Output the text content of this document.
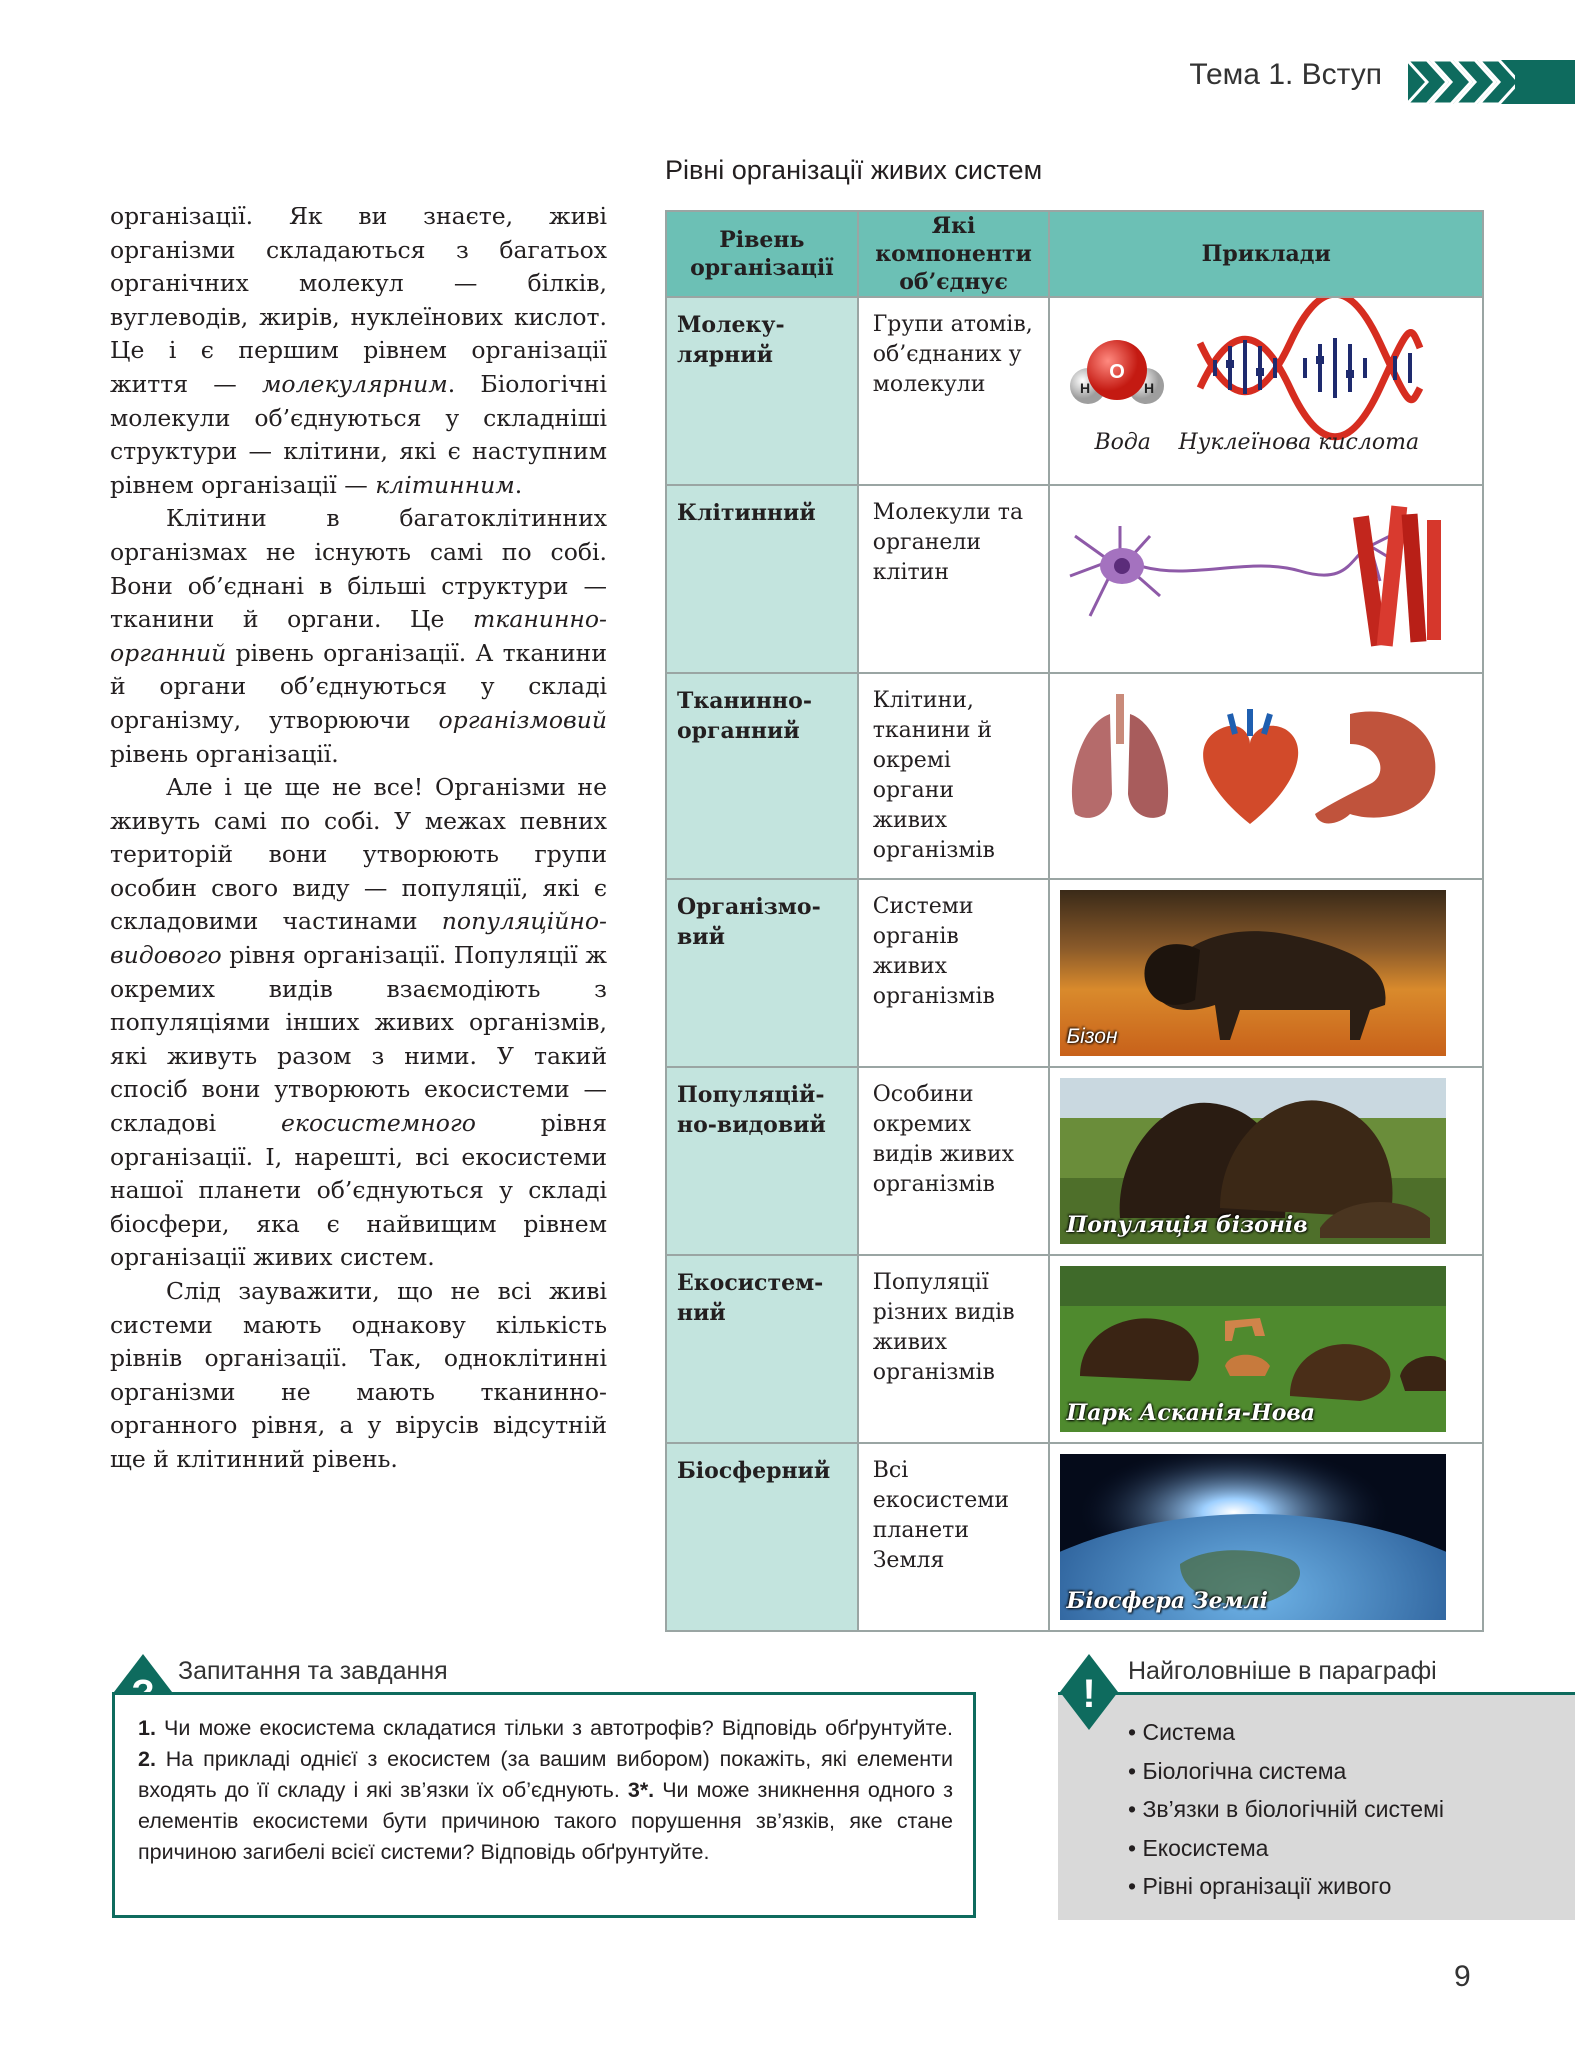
Тема 1. Вступ

організації. Як ви знаєте, живі організми складаються з багатьох органічних молекул — білків, вуглеводів, жирів, нуклеїнових кислот. Це і є першим рівнем організації життя — молекулярним. Біологічні молекули об’єднуються у складніші структури — клітини, які є наступним рівнем організації — клітинним.

Клітини в багатоклітинних організмах не існують самі по собі. Вони об’єднані в більші структури — тканини й органи. Це тканинно-органний рівень організації. А тканини й органи об’єднуються у складі організму, утворюючи організмовий рівень організації.

Але і це ще не все! Організми не живуть самі по собі. У межах певних територій вони утворюють групи особин свого виду — популяції, які є складовими частинами популяційно-видового рівня організації. Популяції ж окремих видів взаємодіють з популяціями інших живих організмів, які живуть разом з ними. У такий спосіб вони утворюють екосистеми — складові екосистемного рівня організації. І, нарешті, всі екосистеми нашої планети об’єднуються у складі біосфери, яка є найвищим рівнем організації живих систем.

Слід зауважити, що не всі живі системи мають однакову кількість рівнів організації. Так, одноклітинні організми не мають тканинно-органного рівня, а у вірусів відсутній ще й клітинний рівень.

Рівні організації живих систем
Рівень організації	Які компоненти об’єднує	Приклади
Молеку-лярний	Групи атомів, об’єднаних у молекули	O
H H
Вода Нуклеїнова кислота

Клітинний	Молекули та органели клітин	

Тканинно-органний	Клітини, тканини й окремі органи живих організмів	

Організмо-вий	Системи органів живих організмів	Бізон

Популяцій-но-видовий	Особини окремих видів живих організмів	Популяція бізонів

Екосистем-ний	Популяції різних видів живих організмів	Парк Асканія-Нова

Біосферний	Всі екосистеми планети Земля	Біосфера Землі
Запитання та завдання
1. Чи може екосистема складатися тільки з автотрофів? Відповідь обґрунтуйте. 2. На прикладі однієї з екосистем (за вашим вибором) покажіть, які елементи входять до її складу і які зв’язки їх об’єднують. 3*. Чи може зникнення одного з елементів екосистеми бути причиною такого порушення зв’язків, яке стане причиною загибелі всієї системи? Відповідь обґрунтуйте.
!
Найголовніше в параграфі
• Система
• Біологічна система
• Зв’язки в біологічній системі
• Екосистема
• Рівні організації живого
9
